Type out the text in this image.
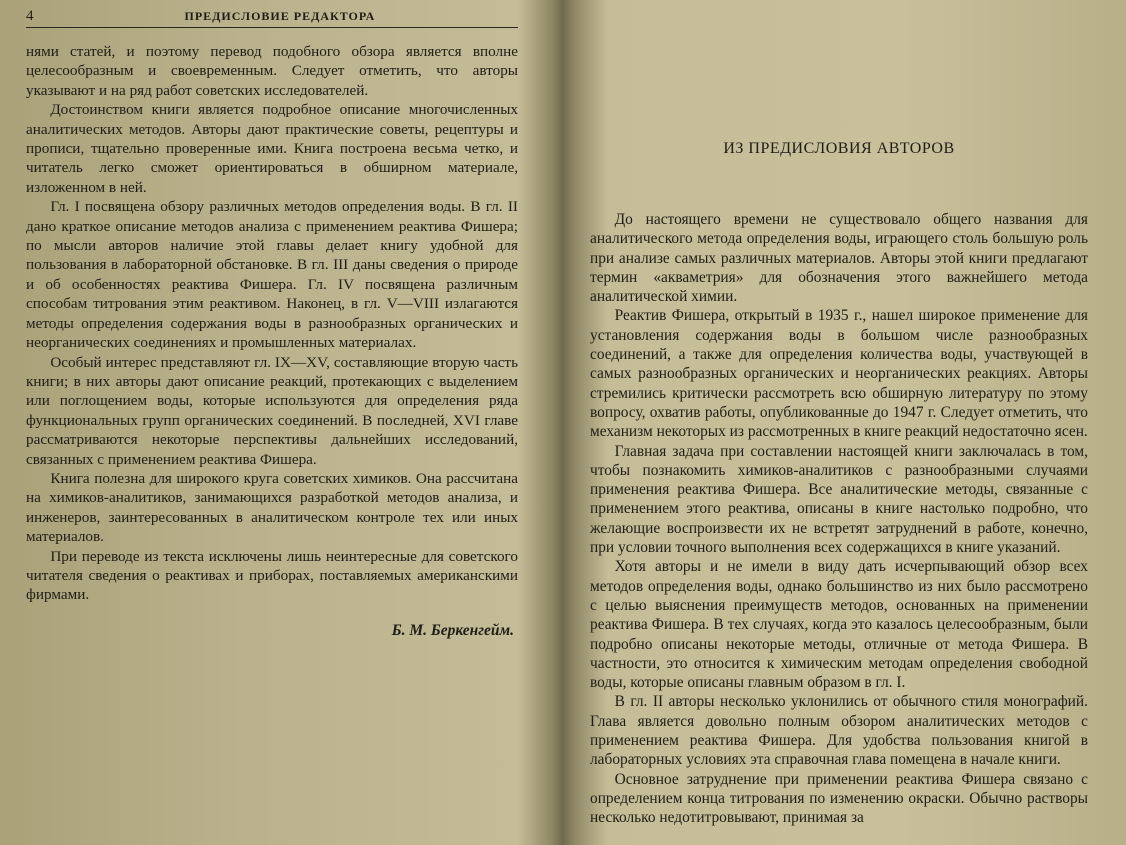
4	ПРЕДИСЛОВИЕ РЕДАКТОРА

нями статей, и поэтому перевод подобного обзора является вполне целесообразным и своевременным. Следует отметить, что авторы указывают и на ряд работ советских исследователей.

Достоинством книги является подробное описание многочисленных аналитических методов. Авторы дают практические советы, рецептуры и прописи, тщательно проверенные ими. Книга построена весьма четко, и читатель легко сможет ориентироваться в обширном материале, изложенном в ней.

Гл. I посвящена обзору различных методов определения воды. В гл. II дано краткое описание методов анализа с применением реактива Фишера; по мысли авторов наличие этой главы делает книгу удобной для пользования в лабораторной обстановке. В гл. III даны сведения о природе и об особенностях реактива Фишера. Гл. IV посвящена различным способам титрования этим реактивом. Наконец, в гл. V—VIII излагаются методы определения содержания воды в разнообразных органических и неорганических соединениях и промышленных материалах.

Особый интерес представляют гл. IX—XV, составляющие вторую часть книги; в них авторы дают описание реакций, протекающих с выделением или поглощением воды, которые используются для определения ряда функциональных групп органических соединений. В последней, XVI главе рассматриваются некоторые перспективы дальнейших исследований, связанных с применением реактива Фишера.

Книга полезна для широкого круга советских химиков. Она рассчитана на химиков-аналитиков, занимающихся разработкой методов анализа, и инженеров, заинтересованных в аналитическом контроле тех или иных материалов.

При переводе из текста исключены лишь неинтересные для советского читателя сведения о реактивах и приборах, поставляемых американскими фирмами.

Б. М. Беркенгейм.
ИЗ ПРЕДИСЛОВИЯ АВТОРОВ

До настоящего времени не существовало общего названия для аналитического метода определения воды, играющего столь большую роль при анализе самых различных материалов. Авторы этой книги предлагают термин «акваметрия» для обозначения этого важнейшего метода аналитической химии.

Реактив Фишера, открытый в 1935 г., нашел широкое применение для установления содержания воды в большом числе разнообразных соединений, а также для определения количества воды, участвующей в самых разнообразных органических и неорганических реакциях. Авторы стремились критически рассмотреть всю обширную литературу по этому вопросу, охватив работы, опубликованные до 1947 г. Следует отметить, что механизм некоторых из рассмотренных в книге реакций недостаточно ясен.

Главная задача при составлении настоящей книги заключалась в том, чтобы познакомить химиков-аналитиков с разнообразными случаями применения реактива Фишера. Все аналитические методы, связанные с применением этого реактива, описаны в книге настолько подробно, что желающие воспроизвести их не встретят затруднений в работе, конечно, при условии точного выполнения всех содержащихся в книге указаний.

Хотя авторы и не имели в виду дать исчерпывающий обзор всех методов определения воды, однако большинство из них было рассмотрено с целью выяснения преимуществ методов, основанных на применении реактива Фишера. В тех случаях, когда это казалось целесообразным, были подробно описаны некоторые методы, отличные от метода Фишера. В частности, это относится к химическим методам определения свободной воды, которые описаны главным образом в гл. I.

В гл. II авторы несколько уклонились от обычного стиля монографий. Глава является довольно полным обзором аналитических методов с применением реактива Фишера. Для удобства пользования книгой в лабораторных условиях эта справочная глава помещена в начале книги.

Основное затруднение при применении реактива Фишера связано с определением конца титрования по изменению окраски. Обычно растворы несколько недотитровывают, принимая за
